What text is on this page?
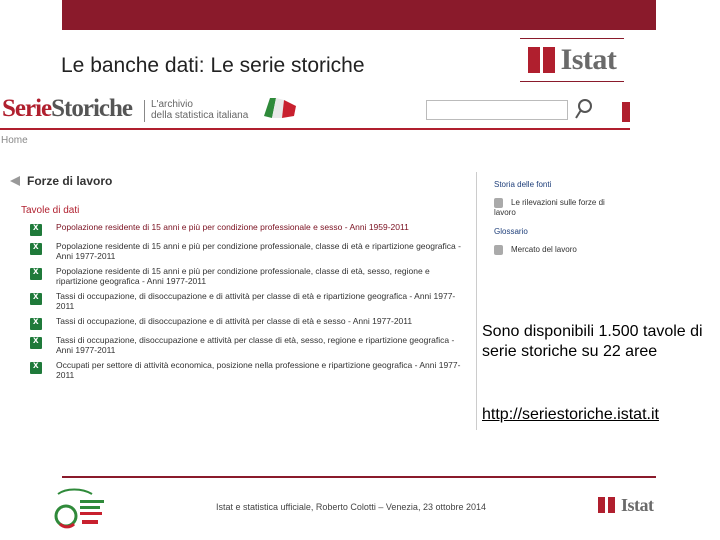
Le banche dati: Le serie storiche	Istat
SerieStoriche L'archivio
della statistica italiana
Home
Forze di lavoro
Tavole di dati
x
Popolazione residente di 15 anni e più per condizione professionale e sesso - Anni 1959-2011
x
Popolazione residente di 15 anni e più per condizione professionale, classe di età e ripartizione geografica - Anni 1977-2011
x
Popolazione residente di 15 anni e più per condizione professionale, classe di età, sesso, regione e ripartizione geografica - Anni 1977-2011
x
Tassi di occupazione, di disoccupazione e di attività per classe di età e ripartizione geografica - Anni 1977-2011
x
Tassi di occupazione, di disoccupazione e di attività per classe di età e sesso - Anni 1977-2011
x
Tassi di occupazione, disoccupazione e attività per classe di età, sesso, regione e ripartizione geografica - Anni 1977-2011
x
Occupati per settore di attività economica, posizione nella professione e ripartizione geografica - Anni 1977-2011
Storia delle fonti
Le rilevazioni sulle forze di lavoro
Glossario
Mercato del lavoro
Sono disponibili 1.500 tavole di serie storiche su 22 aree
http://seriestoriche.istat.it
Istat e statistica ufficiale, Roberto Colotti – Venezia, 23 ottobre 2014	Istat
